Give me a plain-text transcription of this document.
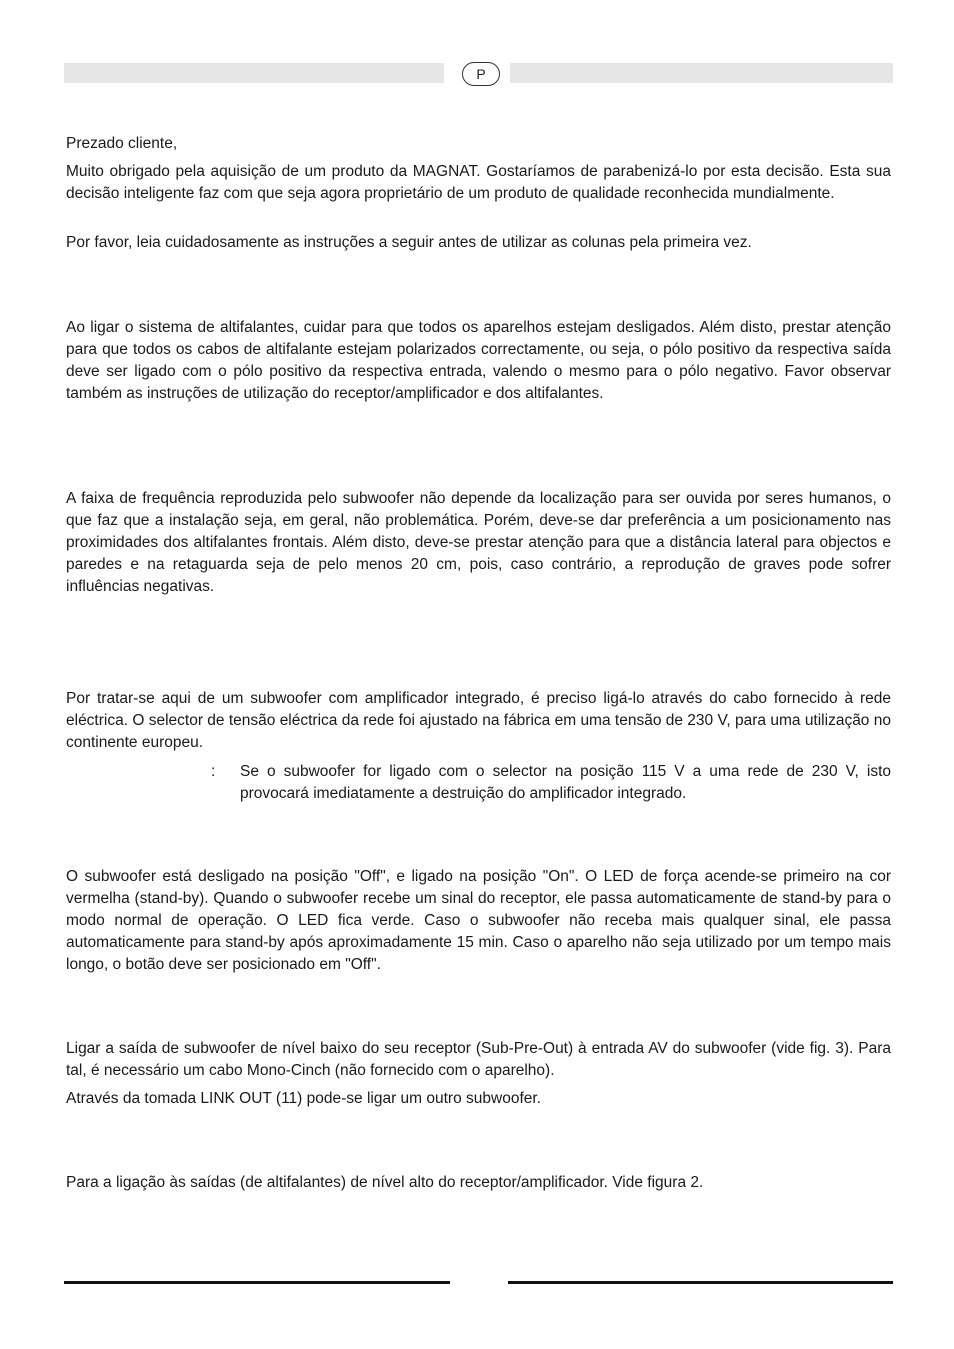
P

Prezado cliente,

Muito obrigado pela aquisição de um produto da MAGNAT. Gostaríamos de parabenizá-lo por esta decisão. Esta sua decisão inteligente faz com que seja agora proprietário de um produto de qualidade reconhecida mundialmente.

Por favor, leia cuidadosamente as instruções a seguir antes de utilizar as colunas pela primeira vez.

Ao ligar o sistema de altifalantes, cuidar para que todos os aparelhos estejam desligados. Além disto, prestar atenção para que todos os cabos de altifalante estejam polarizados correctamente, ou seja, o pólo positivo da respectiva saída deve ser ligado com o pólo positivo da respectiva entrada, valendo o mesmo para o pólo negativo. Favor observar também as instruções de utilização do receptor/amplificador e dos altifalantes.

A faixa de frequência reproduzida pelo subwoofer não depende da localização para ser ouvida por seres humanos, o que faz que a instalação seja, em geral, não problemática. Porém, deve-se dar preferência a um posicionamento nas proximidades dos altifalantes frontais. Além disto, deve-se prestar atenção para que a distância lateral para objectos e paredes e na retaguarda seja de pelo menos 20 cm, pois, caso contrário, a reprodução de graves pode sofrer influências negativas.

Por tratar-se aqui de um subwoofer com amplificador integrado, é preciso ligá-lo através do cabo fornecido à rede eléctrica. O selector de tensão eléctrica da rede foi ajustado na fábrica em uma tensão de 230 V, para uma utilização no continente europeu.

: Se o subwoofer for ligado com o selector na posição 115 V a uma rede de 230 V, isto provocará imediatamente a destruição do amplificador integrado.

O subwoofer está desligado na posição "Off", e ligado na posição "On". O LED de força acende-se primeiro na cor vermelha (stand-by). Quando o subwoofer recebe um sinal do receptor, ele passa automaticamente de stand-by para o modo normal de operação. O LED fica verde. Caso o subwoofer não receba mais qualquer sinal, ele passa automaticamente para stand-by após aproximadamente 15 min. Caso o aparelho não seja utilizado por um tempo mais longo, o botão deve ser posicionado em "Off".

Ligar a saída de subwoofer de nível baixo do seu receptor (Sub-Pre-Out) à entrada AV do subwoofer (vide fig. 3). Para tal, é necessário um cabo Mono-Cinch (não fornecido com o aparelho).

Através da tomada LINK OUT (11) pode-se ligar um outro subwoofer.

Para a ligação às saídas (de altifalantes) de nível alto do receptor/amplificador. Vide figura 2.
